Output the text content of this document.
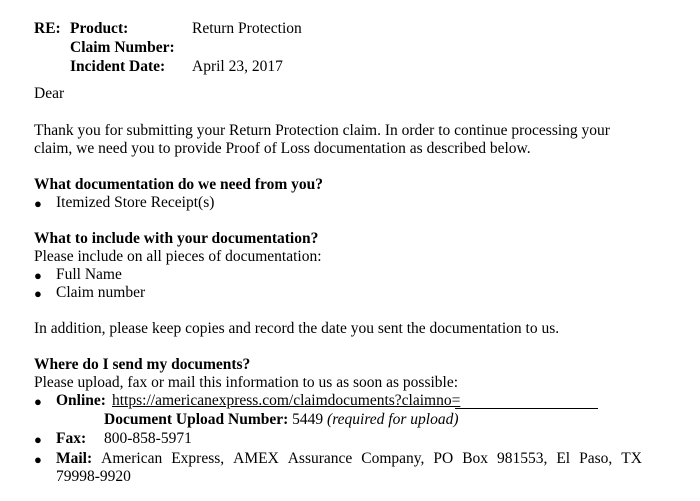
RE: Product:	Return Protection
Claim Number:
Incident Date: April 23, 2017
Dear
Thank you for submitting your Return Protection claim. In order to continue processing your
claim, we need you to provide Proof of Loss documentation as described below.
What documentation do we need from you?
● Itemized Store Receipt(s)
What to include with your documentation?
Please include on all pieces of documentation:
● Full Name
● Claim number
In addition, please keep copies and record the date you sent the documentation to us.
Where do I send my documents?
Please upload, fax or mail this information to us as soon as possible:
● Online: https://americanexpress.com/claimdocuments?claimno=
Document Upload Number: 5449 (required for upload)
● Fax: 800-858-5971
● Mail: American Express, AMEX Assurance Company, PO Box 981553, El Paso, TX
79998-9920
